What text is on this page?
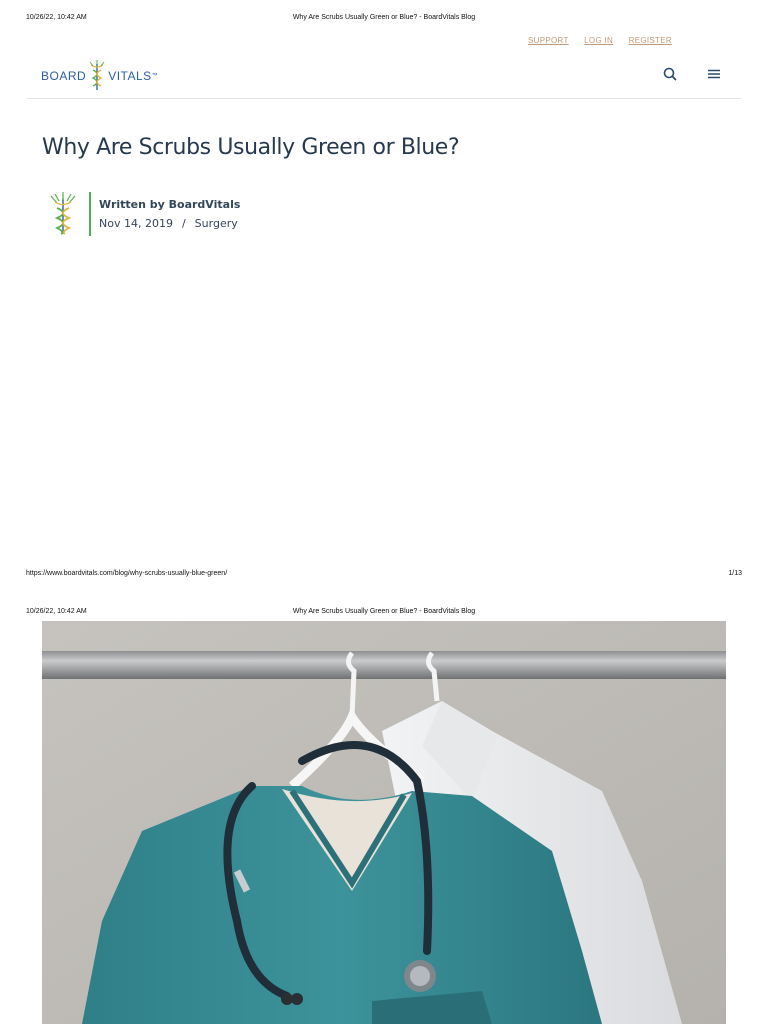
10/26/22, 10:42 AM	Why Are Scrubs Usually Green or Blue? - BoardVitals Blog
SUPPORT LOG IN REGISTER
BOARD VITALS ™
Why Are Scrubs Usually Green or Blue?
Written by BoardVitals
Nov 14, 2019 / Surgery
https://www.boardvitals.com/blog/why-scrubs-usually-blue-green/	1/13
10/26/22, 10:42 AM	Why Are Scrubs Usually Green or Blue? - BoardVitals Blog
